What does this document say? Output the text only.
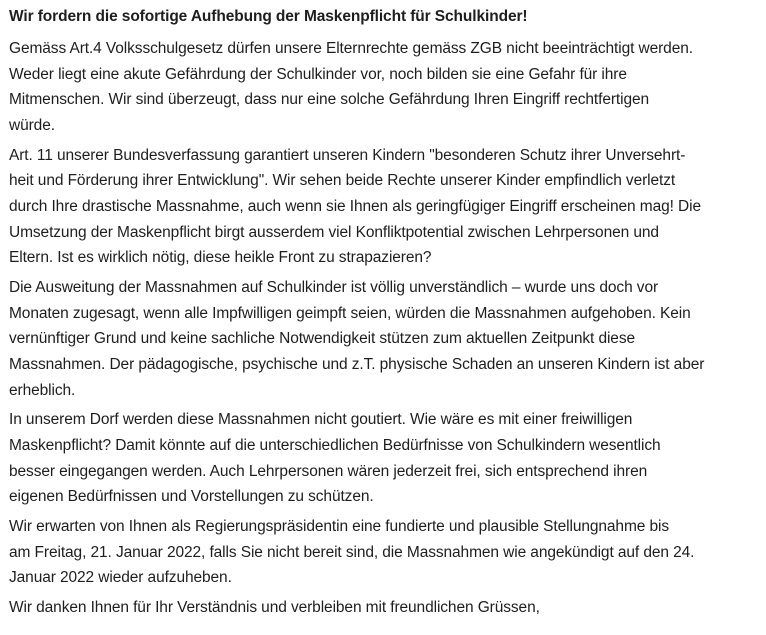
Wir fordern die sofortige Aufhebung der Maskenpflicht für Schulkinder!
Gemäss Art.4 Volksschulgesetz dürfen unsere Elternrechte gemäss ZGB nicht beeinträchtigt werden.
Weder liegt eine akute Gefährdung der Schulkinder vor, noch bilden sie eine Gefahr für ihre
Mitmenschen. Wir sind überzeugt, dass nur eine solche Gefährdung Ihren Eingriff rechtfertigen
würde.
Art. 11 unserer Bundesverfassung garantiert unseren Kindern "besonderen Schutz ihrer Unversehrt-
heit und Förderung ihrer Entwicklung". Wir sehen beide Rechte unserer Kinder empfindlich verletzt
durch Ihre drastische Massnahme, auch wenn sie Ihnen als geringfügiger Eingriff erscheinen mag! Die
Umsetzung der Maskenpflicht birgt ausserdem viel Konfliktpotential zwischen Lehrpersonen und
Eltern. Ist es wirklich nötig, diese heikle Front zu strapazieren?
Die Ausweitung der Massnahmen auf Schulkinder ist völlig unverständlich – wurde uns doch vor
Monaten zugesagt, wenn alle Impfwilligen geimpft seien, würden die Massnahmen aufgehoben. Kein
vernünftiger Grund und keine sachliche Notwendigkeit stützen zum aktuellen Zeitpunkt diese
Massnahmen. Der pädagogische, psychische und z.T. physische Schaden an unseren Kindern ist aber
erheblich.
In unserem Dorf werden diese Massnahmen nicht goutiert. Wie wäre es mit einer freiwilligen
Maskenpflicht? Damit könnte auf die unterschiedlichen Bedürfnisse von Schulkindern wesentlich
besser eingegangen werden. Auch Lehrpersonen wären jederzeit frei, sich entsprechend ihren
eigenen Bedürfnissen und Vorstellungen zu schützen.
Wir erwarten von Ihnen als Regierungspräsidentin eine fundierte und plausible Stellungnahme bis
am Freitag, 21. Januar 2022, falls Sie nicht bereit sind, die Massnahmen wie angekündigt auf den 24.
Januar 2022 wieder aufzuheben.
Wir danken Ihnen für Ihr Verständnis und verbleiben mit freundlichen Grüssen,
